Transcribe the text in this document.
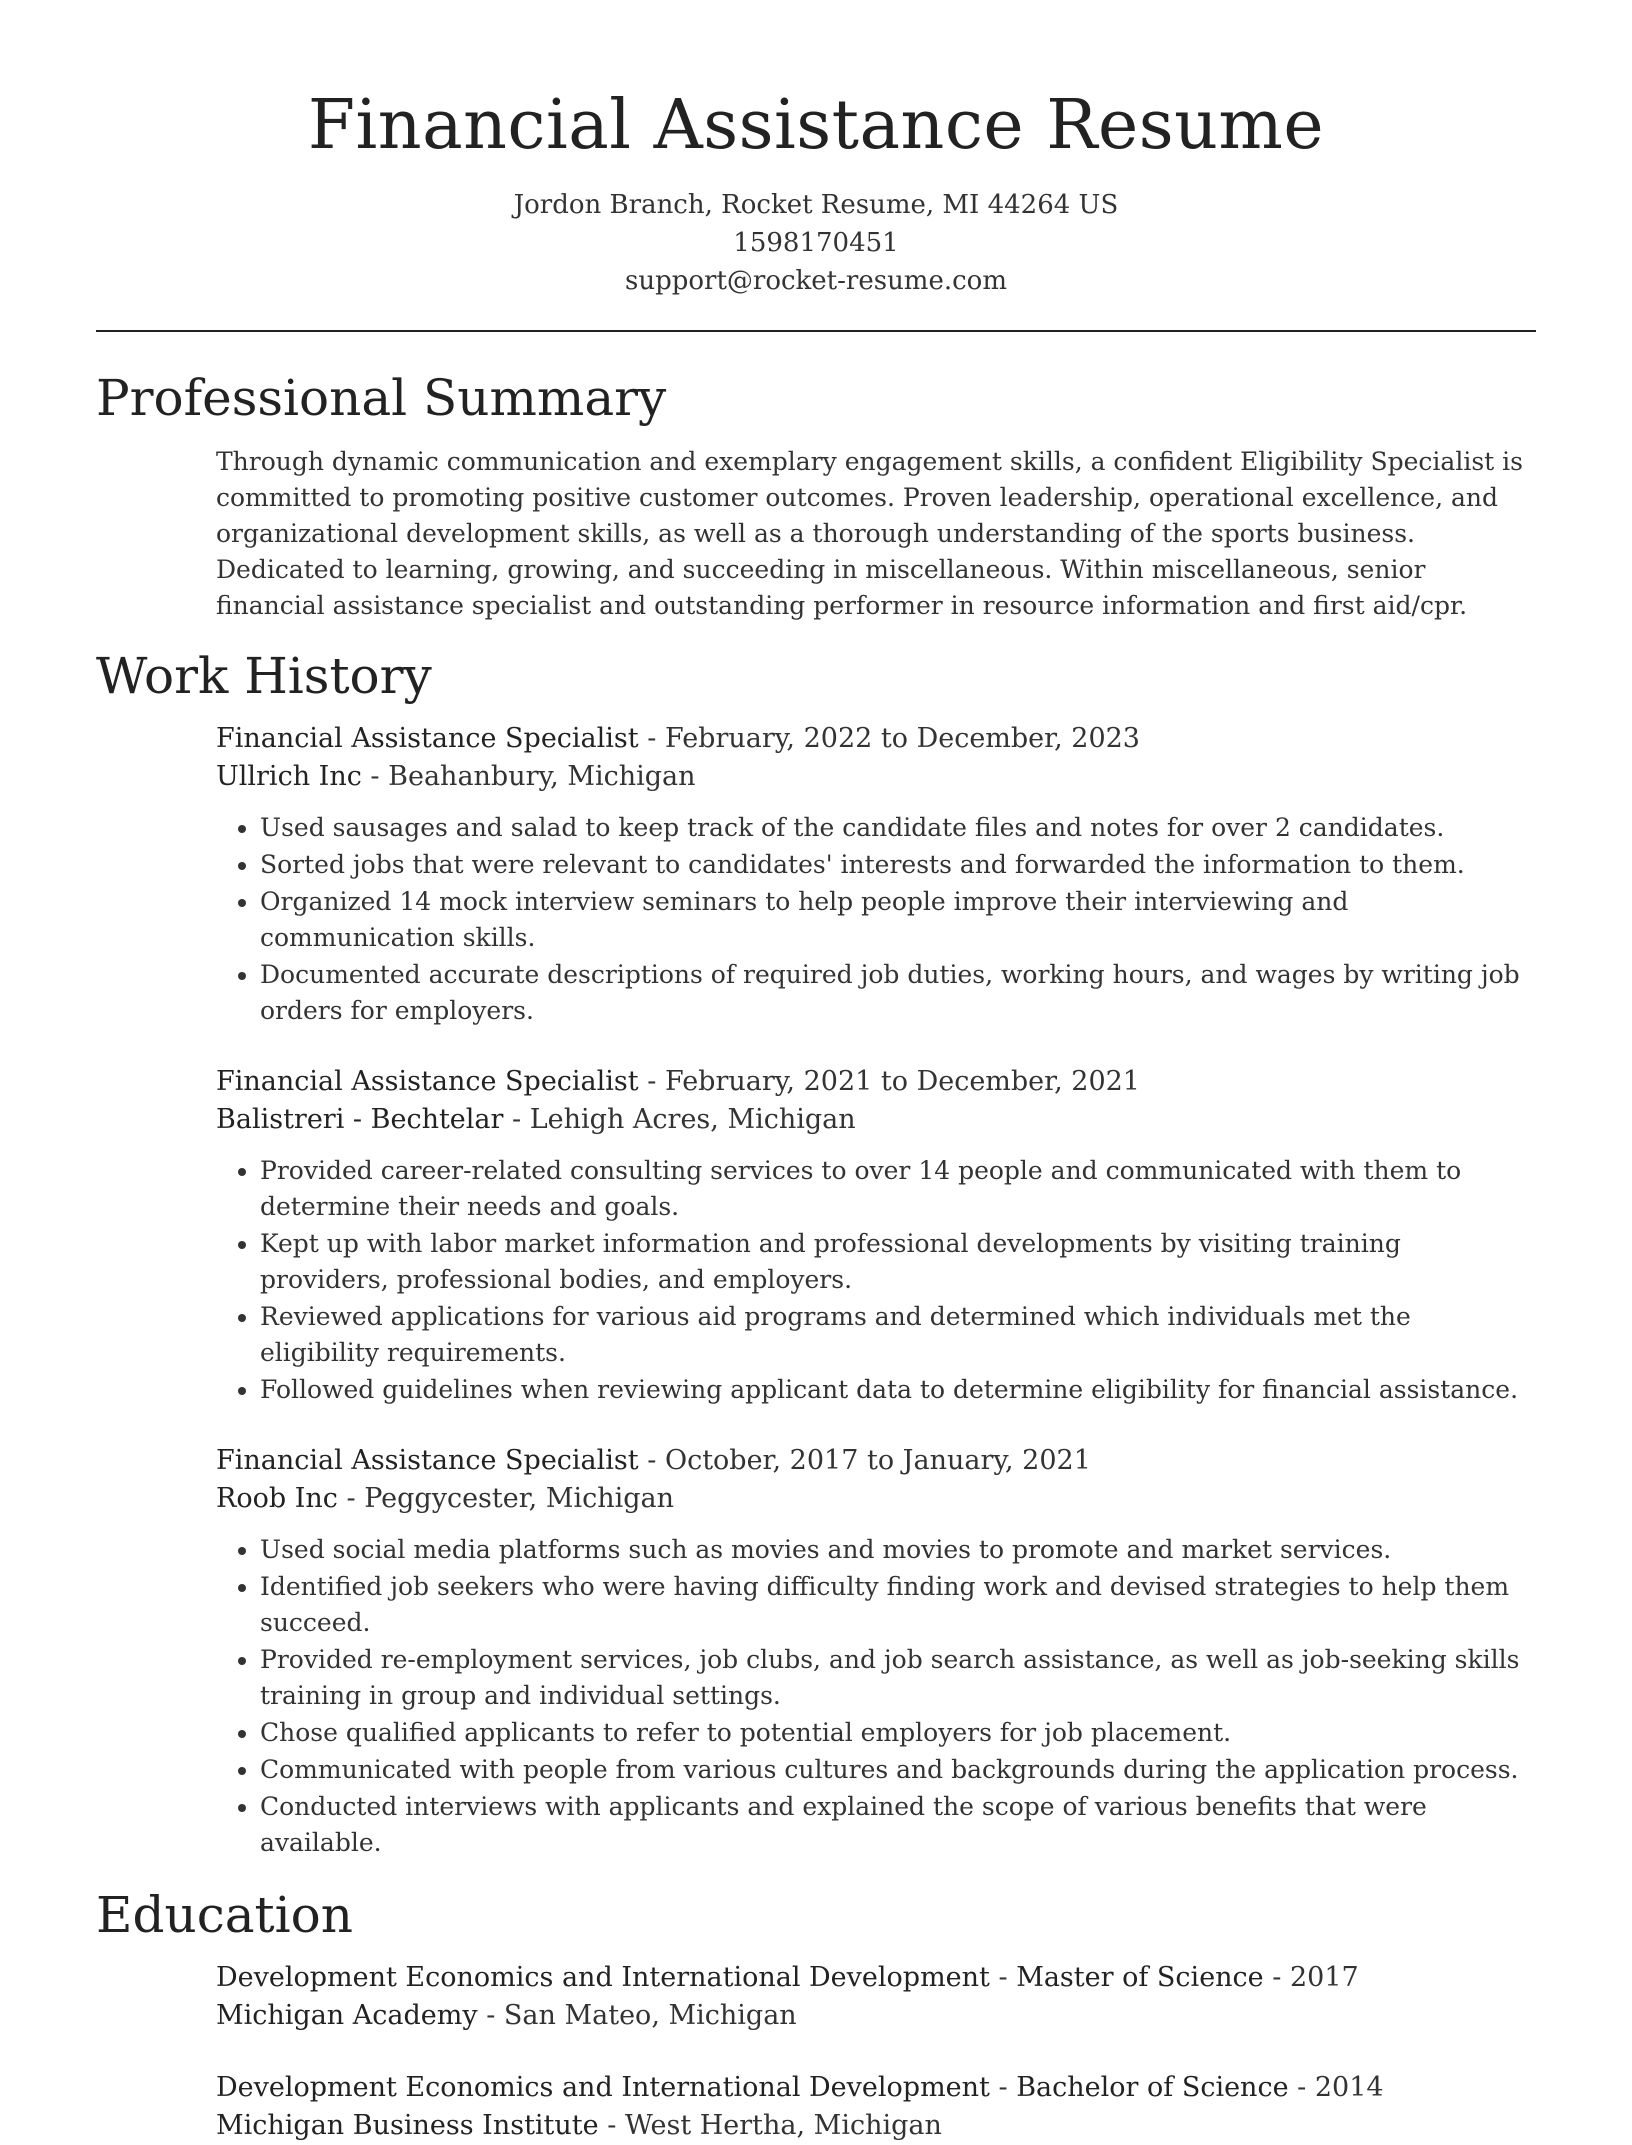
Financial Assistance Resume
Jordon Branch, Rocket Resume, MI 44264 US
1598170451
support@rocket-resume.com
Professional Summary

Through dynamic communication and exemplary engagement skills, a confident Eligibility Specialist is committed to promoting positive customer outcomes. Proven leadership, operational excellence, and organizational development skills, as well as a thorough understanding of the sports business. Dedicated to learning, growing, and succeeding in miscellaneous. Within miscellaneous, senior financial assistance specialist and outstanding performer in resource information and first aid/cpr.

Work History
Financial Assistance Specialist - February, 2022 to December, 2023
Ullrich Inc - Beahanbury, Michigan
• Used sausages and salad to keep track of the candidate files and notes for over 2 candidates.
• Sorted jobs that were relevant to candidates' interests and forwarded the information to them.
• Organized 14 mock interview seminars to help people improve their interviewing and communication skills.
• Documented accurate descriptions of required job duties, working hours, and wages by writing job orders for employers.
Financial Assistance Specialist - February, 2021 to December, 2021
Balistreri - Bechtelar - Lehigh Acres, Michigan
• Provided career-related consulting services to over 14 people and communicated with them to determine their needs and goals.
• Kept up with labor market information and professional developments by visiting training providers, professional bodies, and employers.
• Reviewed applications for various aid programs and determined which individuals met the eligibility requirements.
• Followed guidelines when reviewing applicant data to determine eligibility for financial assistance.
Financial Assistance Specialist - October, 2017 to January, 2021
Roob Inc - Peggycester, Michigan
• Used social media platforms such as movies and movies to promote and market services.
• Identified job seekers who were having difficulty finding work and devised strategies to help them succeed.
• Provided re-employment services, job clubs, and job search assistance, as well as job-seeking skills training in group and individual settings.
• Chose qualified applicants to refer to potential employers for job placement.
• Communicated with people from various cultures and backgrounds during the application process.
• Conducted interviews with applicants and explained the scope of various benefits that were available.
Education
Development Economics and International Development - Master of Science - 2017
Michigan Academy - San Mateo, Michigan
Development Economics and International Development - Bachelor of Science - 2014
Michigan Business Institute - West Hertha, Michigan
